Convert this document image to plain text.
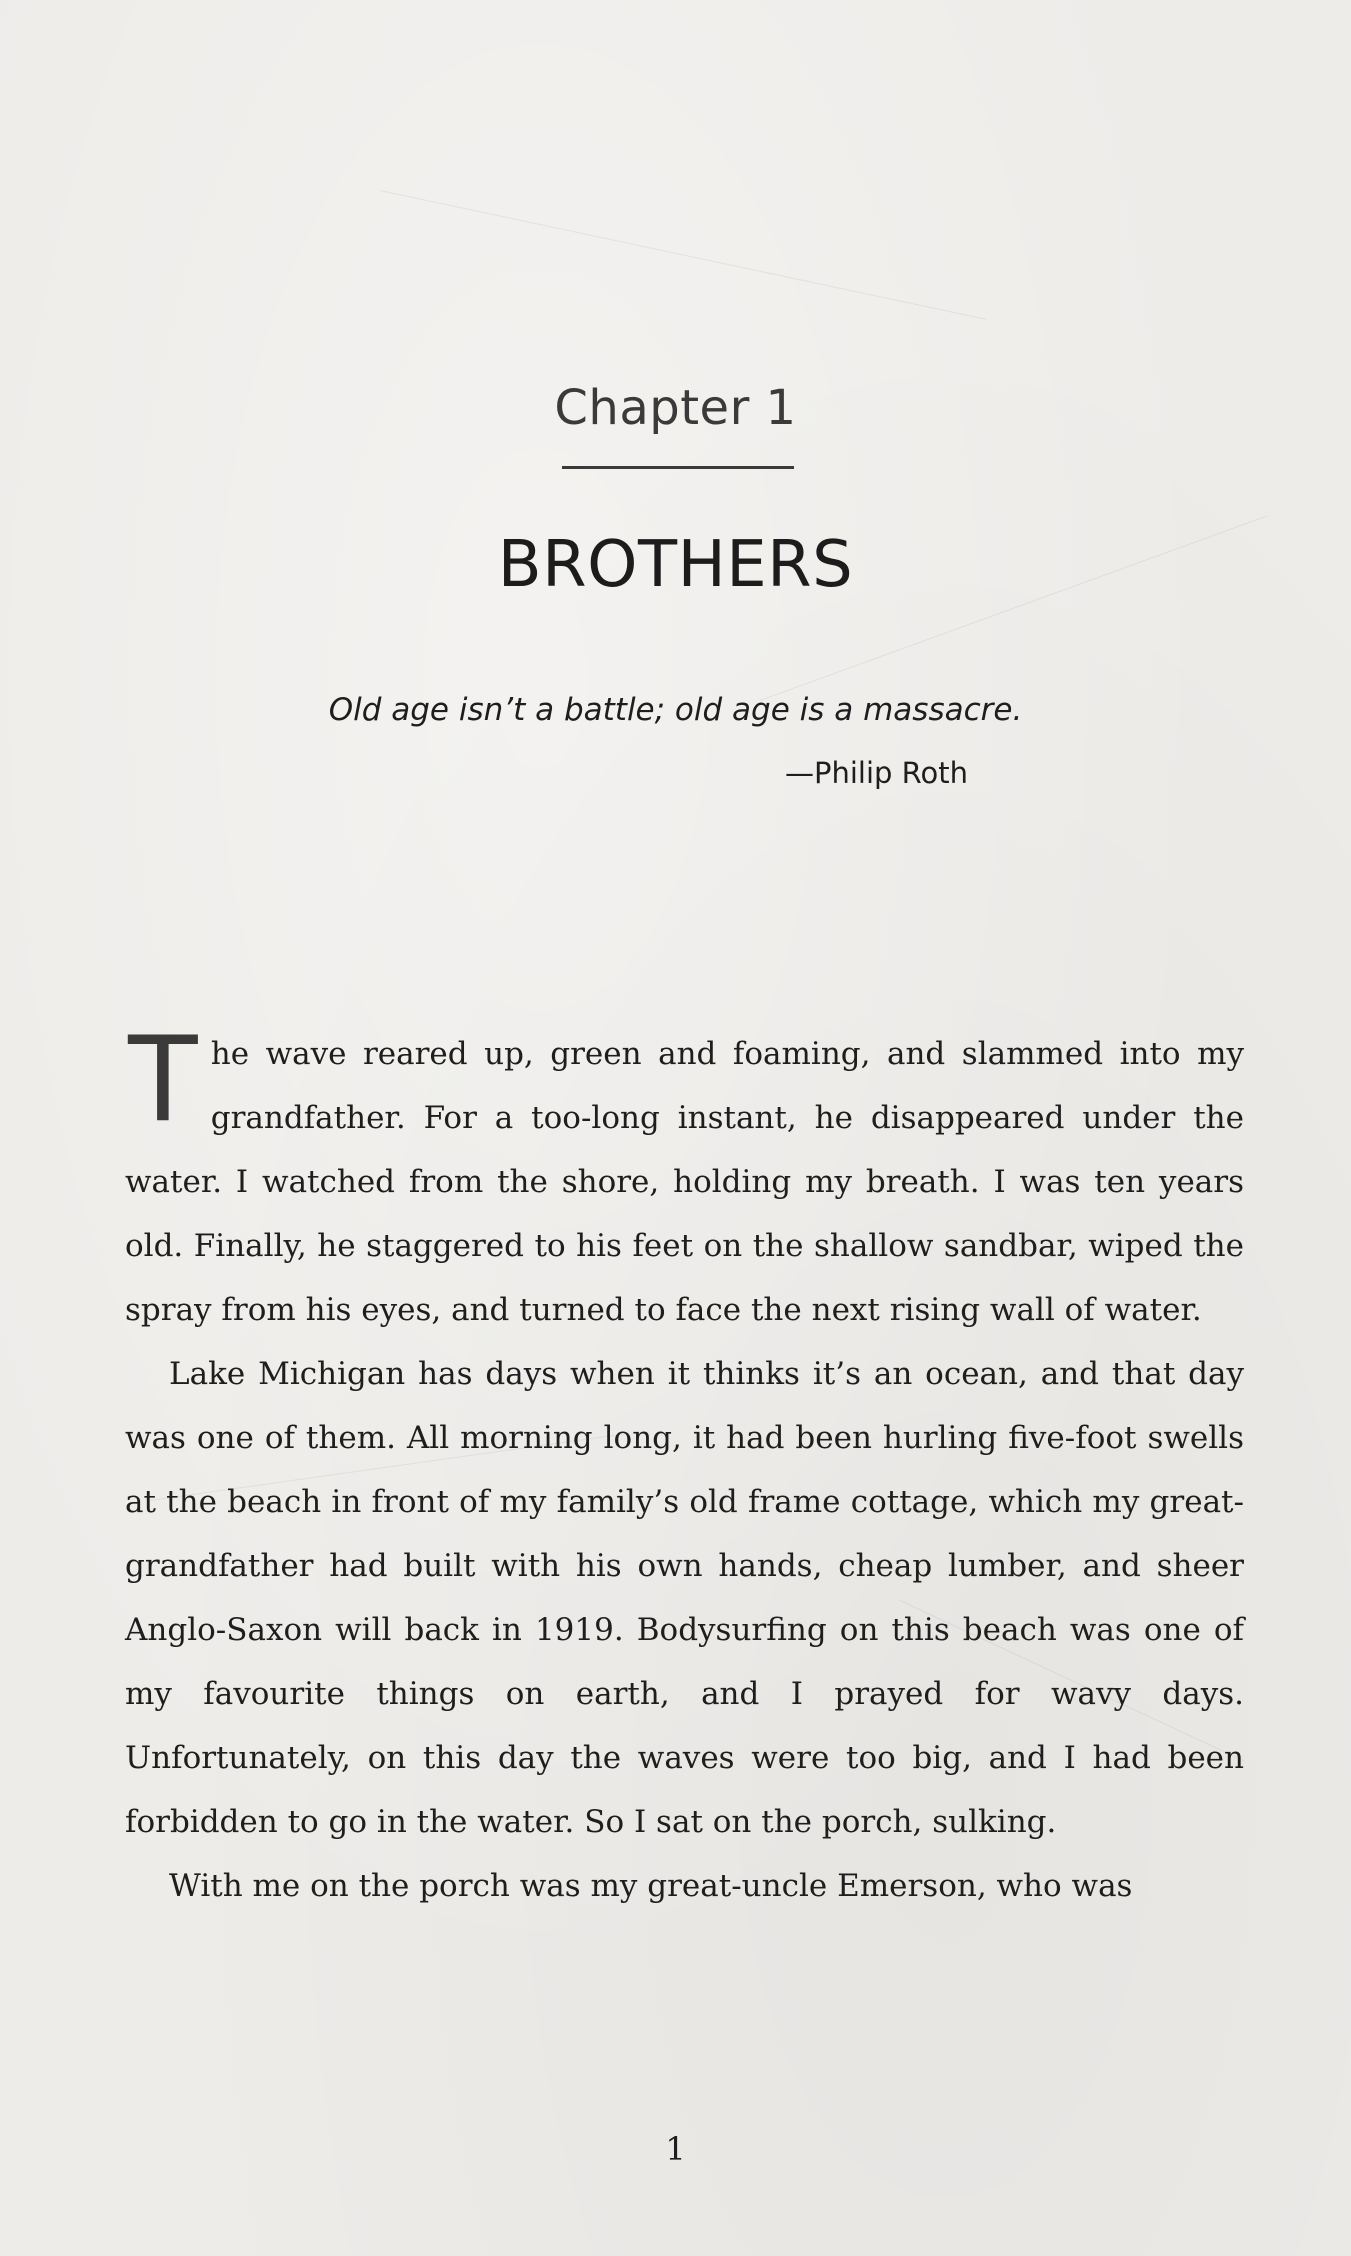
Chapter 1
BROTHERS
Old age isn’t a battle; old age is a massacre.
—Philip Roth

The wave reared up, green and foaming, and slammed into my grandfather. For a too-long instant, he disappeared under the water. I watched from the shore, holding my breath. I was ten years old. Finally, he staggered to his feet on the shallow sandbar, wiped the spray from his eyes, and turned to face the next rising wall of water.

Lake Michigan has days when it thinks it’s an ocean, and that day was one of them. All morning long, it had been hurling five-foot swells at the beach in front of my family’s old frame cottage, which my great-grandfather had built with his own hands, cheap lumber, and sheer Anglo-Saxon will back in 1919. Bodysurfing on this beach was one of my favourite things on earth, and I prayed for wavy days. Unfortunately, on this day the waves were too big, and I had been forbidden to go in the water. So I sat on the porch, sulking.

With me on the porch was my great-uncle Emerson, who was

1
